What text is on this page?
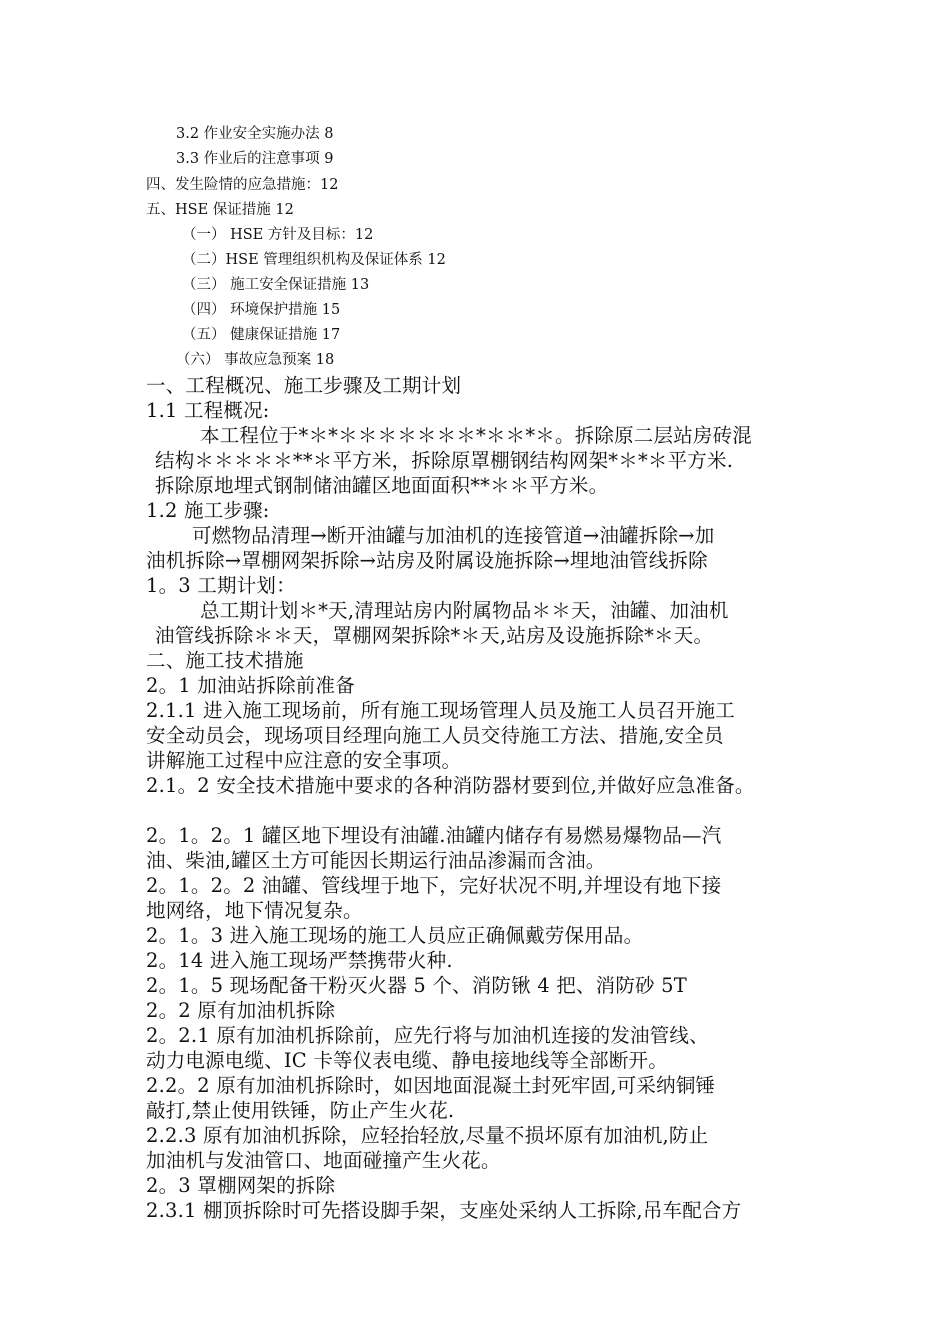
3.2 作业安全实施办法 8
3.3 作业后的注意事项 9
四、发生险情的应急措施：12
五、HSE 保证措施 12
（一） HSE 方针及目标：12
（二）HSE 管理组织机构及保证体系 12
（三） 施工安全保证措施 13
（四） 环境保护措施 15
（五） 健康保证措施 17
（六） 事故应急预案 18
一、工程概况、施工步骤及工期计划
1.1 工程概况:
本工程位于*＊*＊＊＊＊＊＊＊*＊＊*＊。拆除原二层站房砖混
结构＊＊＊＊＊**＊平方米，拆除原罩棚钢结构网架*＊*＊平方米.
拆除原地埋式钢制储油罐区地面面积**＊＊平方米。
1.2 施工步骤:
可燃物品清理→断开油罐与加油机的连接管道→油罐拆除→加
油机拆除→罩棚网架拆除→站房及附属设施拆除→埋地油管线拆除
1。3 工期计划：
总工期计划＊*天,清理站房内附属物品＊＊天，油罐、加油机
油管线拆除＊＊天，罩棚网架拆除*＊天,站房及设施拆除*＊天。
二、施工技术措施
2。1 加油站拆除前准备
2.1.1 进入施工现场前，所有施工现场管理人员及施工人员召开施工
安全动员会，现场项目经理向施工人员交待施工方法、措施,安全员
讲解施工过程中应注意的安全事项。
2.1。2 安全技术措施中要求的各种消防器材要到位,并做好应急准备。
2。1。2。1 罐区地下埋设有油罐.油罐内储存有易燃易爆物品—汽
油、柴油,罐区土方可能因长期运行油品渗漏而含油。
2。1。2。2 油罐、管线埋于地下，完好状况不明,并埋设有地下接
地网络，地下情况复杂。
2。1。3 进入施工现场的施工人员应正确佩戴劳保用品。
2。14 进入施工现场严禁携带火种.
2。1。5 现场配备干粉灭火器 5 个、消防锹 4 把、消防砂 5T
2。2 原有加油机拆除
2。2.1 原有加油机拆除前，应先行将与加油机连接的发油管线、
动力电源电缆、IC 卡等仪表电缆、静电接地线等全部断开。
2.2。2 原有加油机拆除时，如因地面混凝土封死牢固,可采纳铜锤
敲打,禁止使用铁锤，防止产生火花.
2.2.3 原有加油机拆除，应轻抬轻放,尽量不损坏原有加油机,防止
加油机与发油管口、地面碰撞产生火花。
2。3 罩棚网架的拆除
2.3.1 棚顶拆除时可先搭设脚手架，支座处采纳人工拆除,吊车配合方
